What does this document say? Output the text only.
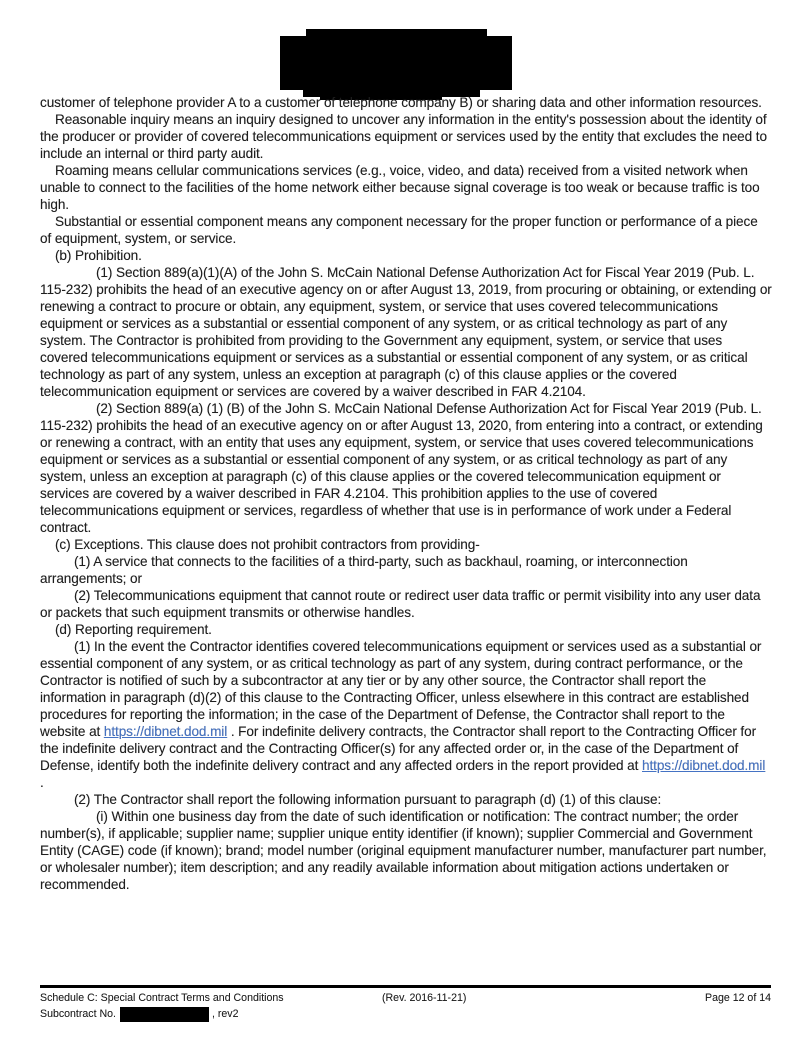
customer of telephone provider A to a customer of telephone company B) or sharing data and other information resources.

Reasonable inquiry means an inquiry designed to uncover any information in the entity's possession about the identity of the producer or provider of covered telecommunications equipment or services used by the entity that excludes the need to include an internal or third party audit.

Roaming means cellular communications services (e.g., voice, video, and data) received from a visited network when unable to connect to the facilities of the home network either because signal coverage is too weak or because traffic is too high.

Substantial or essential component means any component necessary for the proper function or performance of a piece of equipment, system, or service.

(b) Prohibition.

(1) Section 889(a)(1)(A) of the John S. McCain National Defense Authorization Act for Fiscal Year 2019 (Pub. L. 115-232) prohibits the head of an executive agency on or after August 13, 2019, from procuring or obtaining, or extending or renewing a contract to procure or obtain, any equipment, system, or service that uses covered telecommunications equipment or services as a substantial or essential component of any system, or as critical technology as part of any system. The Contractor is prohibited from providing to the Government any equipment, system, or service that uses covered telecommunications equipment or services as a substantial or essential component of any system, or as critical technology as part of any system, unless an exception at paragraph (c) of this clause applies or the covered telecommunication equipment or services are covered by a waiver described in FAR 4.2104.

(2) Section 889(a) (1) (B) of the John S. McCain National Defense Authorization Act for Fiscal Year 2019 (Pub. L. 115-232) prohibits the head of an executive agency on or after August 13, 2020, from entering into a contract, or extending or renewing a contract, with an entity that uses any equipment, system, or service that uses covered telecommunications equipment or services as a substantial or essential component of any system, or as critical technology as part of any system, unless an exception at paragraph (c) of this clause applies or the covered telecommunication equipment or services are covered by a waiver described in FAR 4.2104. This prohibition applies to the use of covered telecommunications equipment or services, regardless of whether that use is in performance of work under a Federal contract.

(c) Exceptions. This clause does not prohibit contractors from providing-

(1) A service that connects to the facilities of a third-party, such as backhaul, roaming, or interconnection arrangements; or

(2) Telecommunications equipment that cannot route or redirect user data traffic or permit visibility into any user data or packets that such equipment transmits or otherwise handles.

(d) Reporting requirement.

(1) In the event the Contractor identifies covered telecommunications equipment or services used as a substantial or essential component of any system, or as critical technology as part of any system, during contract performance, or the Contractor is notified of such by a subcontractor at any tier or by any other source, the Contractor shall report the information in paragraph (d)(2) of this clause to the Contracting Officer, unless elsewhere in this contract are established procedures for reporting the information; in the case of the Department of Defense, the Contractor shall report to the website at https://dibnet.dod.mil . For indefinite delivery contracts, the Contractor shall report to the Contracting Officer for the indefinite delivery contract and the Contracting Officer(s) for any affected order or, in the case of the Department of Defense, identify both the indefinite delivery contract and any affected orders in the report provided at https://dibnet.dod.mil

.

(2) The Contractor shall report the following information pursuant to paragraph (d) (1) of this clause:

(i) Within one business day from the date of such identification or notification: The contract number; the order number(s), if applicable; supplier name; supplier unique entity identifier (if known); supplier Commercial and Government Entity (CAGE) code (if known); brand; model number (original equipment manufacturer number, manufacturer part number, or wholesaler number); item description; and any readily available information about mitigation actions undertaken or recommended.

Schedule C: Special Contract Terms and Conditions	(Rev. 2016-11-21)	Page 12 of 14
Subcontract No.	, rev2
